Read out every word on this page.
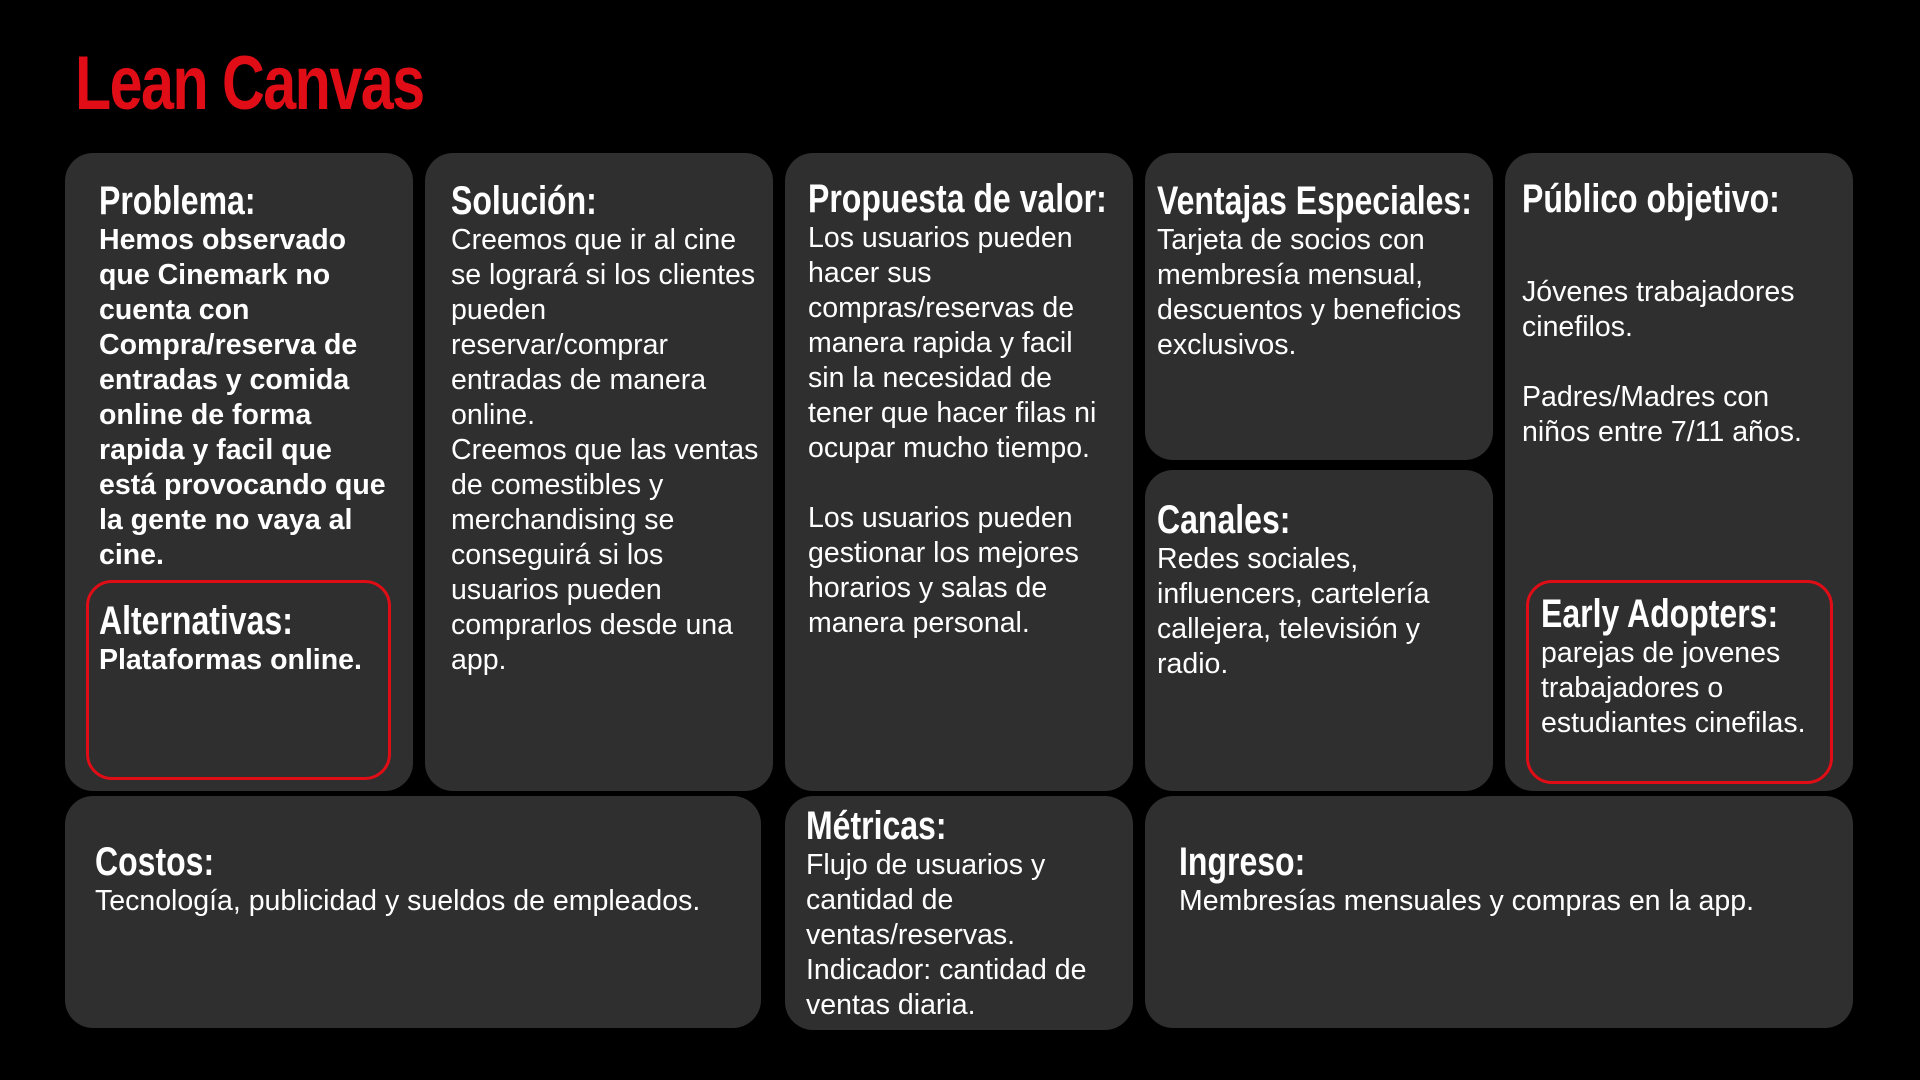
Lean Canvas
Problema:
Hemos observado
que Cinemark no
cuenta con
Compra/reserva de
entradas y comida
online de forma
rapida y facil que
está provocando que
la gente no vaya al
cine.
Alternativas:
Plataformas online.
Solución:
Creemos que ir al cine
se logrará si los clientes
pueden
reservar/comprar
entradas de manera
online.
Creemos que las ventas
de comestibles y
merchandising se
conseguirá si los
usuarios pueden
comprarlos desde una
app.
Propuesta de valor:
Los usuarios pueden
hacer sus
compras/reservas de
manera rapida y facil
sin la necesidad de
tener que hacer filas ni
ocupar mucho tiempo.

Los usuarios pueden
gestionar los mejores
horarios y salas de
manera personal.
Ventajas Especiales:
Tarjeta de socios con
membresía mensual,
descuentos y beneficios
exclusivos.
Canales:
Redes sociales,
influencers, cartelería
callejera, televisión y
radio.
Público objetivo:
Jóvenes trabajadores
cinefilos.

Padres/Madres con
niños entre 7/11 años.
Early Adopters:
parejas de jovenes
trabajadores o
estudiantes cinefilas.
Costos:
Tecnología, publicidad y sueldos de empleados.
Métricas:
Flujo de usuarios y
cantidad de
ventas/reservas.
Indicador: cantidad de
ventas diaria.
Ingreso:
Membresías mensuales y compras en la app.
